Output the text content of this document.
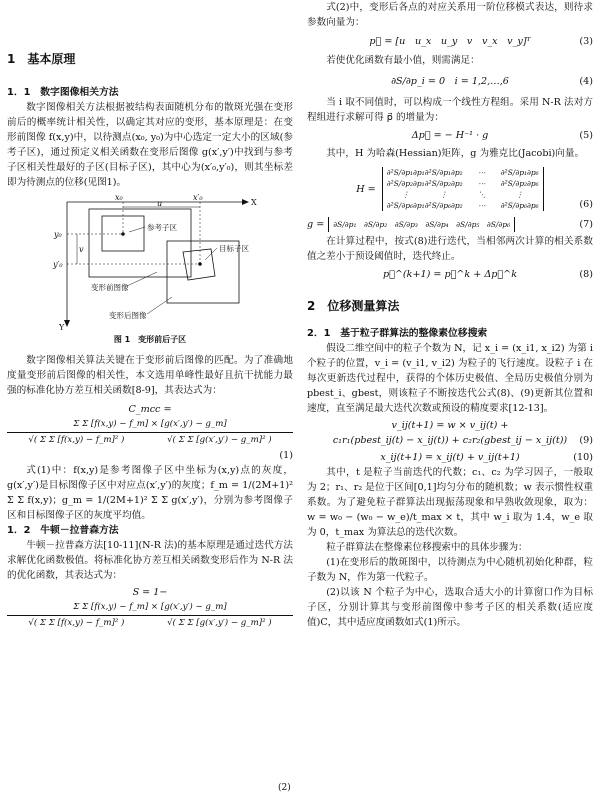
1　基本原理
1．1　数字图像相关方法

数字图像相关方法根据被结构表面随机分布的散斑光强在变形前后的概率统计相关性，以确定其对应的变形，基本原理是：在变形前图像 f(x,y)中，以待测点(x₀, y₀)为中心选定一定大小的区域(参考子区)，通过预定义相关函数在变形后图像 g(x′,y′)中找到与参考子区相关性最好的子区(目标子区)，其中心为(x′₀,y′₀)，则其坐标差即为待测点的位移(见图1)。

X
Y
x₀	x′₀
u
y₀
y′₀
v
参考子区
目标子区
变形前图像
变形后图像
图 1　变形前后子区

数字图像相关算法关键在于变形前后图像的匹配。为了准确地度量变形前后图像的相关性，本文选用单峰性最好且抗干扰能力最强的标准化协方差互相关函数[8-9]，其表达式为：

C_mcc =
Σ Σ [f(x,y) − f_m] × [g(x′,y′) − g_m]
√( Σ Σ [f(x,y) − f_m]² )	√( Σ Σ [g(x′,y′) − g_m]² )
(1)

式(1)中：f(x,y)是参考图像子区中坐标为(x,y)点的灰度，g(x′,y′)是目标图像子区中对应点(x′,y′)的灰度；f_m = 1/(2M+1)² Σ Σ f(x,y)；g_m = 1/(2M+1)² Σ Σ g(x′,y′)，分别为参考图像子区和目标图像子区的灰度平均值。

1．2　牛顿－拉普森方法

牛顿－拉普森方法[10-11](N-R 法)的基本原理是通过迭代方法求解优化函数极值。将标准化协方差互相关函数变形后作为 N-R 法的优化函数，其表达式为：

S = 1−
Σ Σ [f(x,y) − f_m] × [g(x′,y′) − g_m]
√( Σ Σ [f(x,y) − f_m]² )	√( Σ Σ [g(x′,y′) − g_m]² )

式(2)中，变形后各点的对应关系用一阶位移模式表达，则待求参数向量为：

p⃗ = [u　u_x　u_y　v　v_x　v_y]ᵀ	(3)

若使优化函数有最小值，则需满足：

∂S/∂p_i = 0　i = 1,2,…,6	(4)

当 i 取不同值时，可以构成一个线性方程组。采用 N-R 法对方程组进行求解可得 p⃗ 的增量为：

Δp⃗ = − H⁻¹ · g	(5)

其中，H 为哈森(Hessian)矩阵，g 为雅克比(Jacobi)向量。

H =
∂²S/∂p₁∂p₁ ∂²S/∂p₁∂p₂	⋯	∂²S/∂p₁∂p₆
∂²S/∂p₂∂p₁ ∂²S/∂p₂∂p₂	⋯	∂²S/∂p₂∂p₆
⋮	⋮	⋱	⋮
∂²S/∂p₆∂p₁ ∂²S/∂p₆∂p₂	⋯	∂²S/∂p₆∂p₆	(6)
g =	∂S/∂p₁　∂S/∂p₂　∂S/∂p₃　∂S/∂p₄　∂S/∂p₅　∂S/∂p₆	(7)

在计算过程中，按式(8)进行迭代，当相邻两次计算的相关系数值之差小于预设阈值时，迭代终止。

p⃗^(k+1) = p⃗^k + Δp⃗^k	(8)
2　位移测量算法
2．1　基于粒子群算法的整像素位移搜索

假设二维空间中的粒子个数为 N，记 x_i = (x_i1, x_i2) 为第 i 个粒子的位置，v_i = (v_i1, v_i2) 为粒子的飞行速度。设粒子 i 在每次更新迭代过程中，获得的个体历史极值、全局历史极值分别为 pbest_i、gbest，则该粒子不断按迭代公式(8)、(9)更新其位置和速度，直至满足最大迭代次数或预设的精度要求[12-13]。

v_ij(t+1) = w × v_ij(t) +
c₁r₁(pbest_ij(t) − x_ij(t)) + c₂r₂(gbest_ij − x_ij(t))	(9)
x_ij(t+1) = x_ij(t) + v_ij(t+1)	(10)

其中，t 是粒子当前迭代的代数；c₁、c₂ 为学习因子，一般取为 2；r₁、r₂ 是位于区间[0,1]均匀分布的随机数；w 表示惯性权重系数。为了避免粒子群算法出现振荡现象和早熟收敛现象，取为：w = w₀ − (w₀ − w_e)/t_max × t，其中 w_i 取为 1.4，w_e 取为 0，t_max 为算法总的迭代次数。

粒子群算法在整像素位移搜索中的具体步骤为：

(1)在变形后的散斑图中，以待测点为中心随机初始化种群，粒子数为 N，作为第一代粒子。

(2)以该 N 个粒子为中心，选取合适大小的计算窗口作为目标子区，分别计算其与变形前图像中参考子区的相关系数(适应度值)C，其中适应度函数如式(1)所示。

(2)
